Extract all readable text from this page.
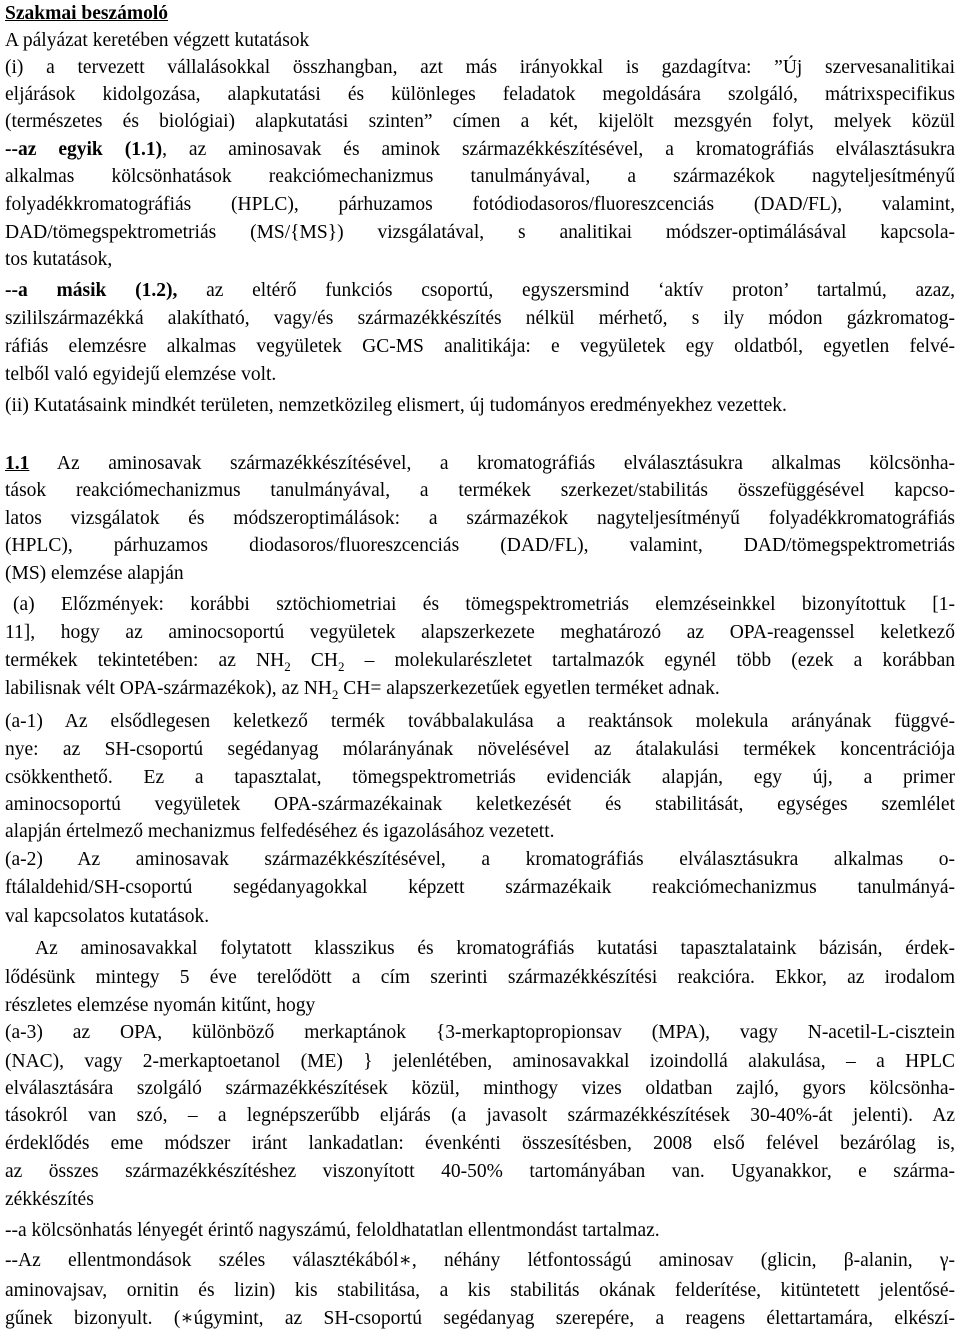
Szakmai beszámoló
A pályázat keretében végzett kutatások
(i) a tervezett vállalásokkal összhangban, azt más irányokkal is gazdagítva: ”Új szervesanalitikai
eljárások kidolgozása, alapkutatási és különleges feladatok megoldására szolgáló, mátrixspecifikus
(természetes és biológiai) alapkutatási szinten” címen a két, kijelölt mezsgyén folyt, melyek közül
--az egyik (1.1), az aminosavak és aminok származékkészítésével, a kromatográfiás elválasztásukra
alkalmas kölcsönhatások reakciómechanizmus tanulmányával, a származékok nagyteljesítményű
folyadékkromatográfiás (HPLC), párhuzamos fotódiodasoros/fluoreszcenciás (DAD/FL), valamint,
DAD/tömegspektrometriás (MS/{MS}) vizsgálatával, s analitikai módszer-optimálásával kapcsola-
tos kutatások,
--a másik (1.2), az eltérő funkciós csoportú, egyszersmind ‘aktív proton’ tartalmú, azaz,
szililszármazékká alakítható, vagy/és származékkészítés nélkül mérhető, s ily módon gázkromatog-
ráfiás elemzésre alkalmas vegyületek GC-MS analitikája: e vegyületek egy oldatból, egyetlen felvé-
telből való egyidejű elemzése volt.
(ii) Kutatásaink mindkét területen, nemzetközileg elismert, új tudományos eredményekhez vezettek.
1.1 Az aminosavak származékkészítésével, a kromatográfiás elválasztásukra alkalmas kölcsönha-
tások reakciómechanizmus tanulmányával, a termékek szerkezet/stabilitás összefüggésével kapcso-
latos vizsgálatok és módszeroptimálások: a származékok nagyteljesítményű folyadékkromatográfiás
(HPLC), párhuzamos diodasoros/fluoreszcenciás (DAD/FL), valamint, DAD/tömegspektrometriás
(MS) elemzése alapján
(a) Előzmények: korábbi sztöchiometriai és tömegspektrometriás elemzéseinkkel bizonyítottuk [1-
11], hogy az aminocsoportú vegyületek alapszerkezete meghatározó az OPA-reagenssel keletkező
termékek tekintetében: az $NH_2$ $CH_2$ – molekularészletet tartalmazók egynél több (ezek a korábban
labilisnak vélt OPA-származékok), az $NH_2$ CH= alapszerkezetűek egyetlen terméket adnak.
(a-1) Az elsődlegesen keletkező termék továbbalakulása a reaktánsok molekula arányának függvé-
nye: az SH-csoportú segédanyag mólarányának növelésével az átalakulási termékek koncentrációja
csökkenthető. Ez a tapasztalat, tömegspektrometriás evidenciák alapján, egy új, a primer
aminocsoportú vegyületek OPA-származékainak keletkezését és stabilitását, egységes szemlélet
alapján értelmező mechanizmus felfedéséhez és igazolásához vezetett.
(a-2) Az aminosavak származékkészítésével, a kromatográfiás elválasztásukra alkalmas o-
ftálaldehid/SH-csoportú segédanyagokkal képzett származékaik reakciómechanizmus tanulmányá-
val kapcsolatos kutatások.
Az aminosavakkal folytatott klasszikus és kromatográfiás kutatási tapasztalataink bázisán, érdek-
lődésünk mintegy 5 éve terelődött a cím szerinti származékkészítési reakcióra. Ekkor, az irodalom
részletes elemzése nyomán kitűnt, hogy
(a-3) az OPA, különböző merkaptánok {3-merkaptopropionsav (MPA), vagy N-acetil-L-cisztein
(NAC), vagy 2-merkaptoetanol (ME) } jelenlétében, aminosavakkal izoindollá alakulása, – a HPLC
elválasztására szolgáló származékkészítések közül, minthogy vizes oldatban zajló, gyors kölcsönha-
tásokról van szó, – a legnépszerűbb eljárás (a javasolt származékkészítések 30-40%-át jelenti). Az
érdeklődés eme módszer iránt lankadatlan: évenkénti összesítésben, 2008 első felével bezárólag is,
az összes származékkészítéshez viszonyított 40-50% tartományában van. Ugyanakkor, e szárma-
zékkészítés
--a kölcsönhatás lényegét érintő nagyszámú, feloldhatatlan ellentmondást tartalmaz.
--Az ellentmondások széles választékából∗, néhány létfontosságú aminosav (glicin, β-alanin, γ-
aminovajsav, ornitin és lizin) kis stabilitása, a kis stabilitás okának felderítése, kitüntetett jelentősé-
gűnek bizonyult. (∗úgymint, az SH-csoportú segédanyag szerepére, a reagens élettartamára, elkészí-
